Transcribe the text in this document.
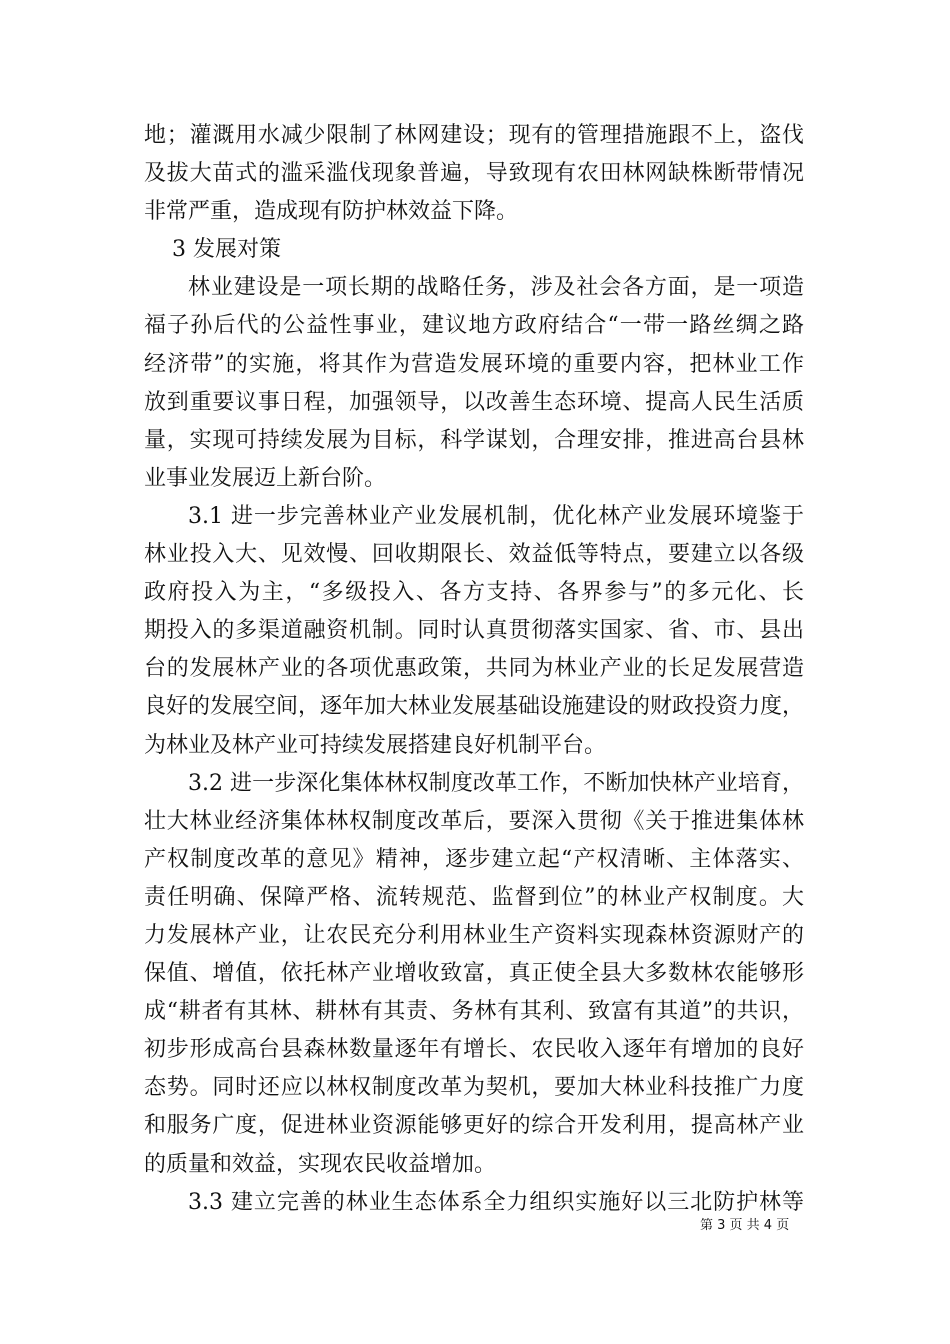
地；灌溉用水减少限制了林网建设；现有的管理措施跟不上，盗伐
及拔大苗式的滥采滥伐现象普遍，导致现有农田林网缺株断带情况
非常严重，造成现有防护林效益下降。
3 发展对策
林业建设是一项长期的战略任务，涉及社会各方面，是一项造
福子孙后代的公益性事业，建议地方政府结合“一带一路丝绸之路
经济带”的实施，将其作为营造发展环境的重要内容，把林业工作
放到重要议事日程，加强领导，以改善生态环境、提高人民生活质
量，实现可持续发展为目标，科学谋划，合理安排，推进高台县林
业事业发展迈上新台阶。
3.1 进一步完善林业产业发展机制，优化林产业发展环境鉴于
林业投入大、见效慢、回收期限长、效益低等特点，要建立以各级
政府投入为主，“多级投入、各方支持、各界参与”的多元化、长
期投入的多渠道融资机制。同时认真贯彻落实国家、省、市、县出
台的发展林产业的各项优惠政策，共同为林业产业的长足发展营造
良好的发展空间，逐年加大林业发展基础设施建设的财政投资力度，
为林业及林产业可持续发展搭建良好机制平台。
3.2 进一步深化集体林权制度改革工作，不断加快林产业培育，
壮大林业经济集体林权制度改革后，要深入贯彻《关于推进集体林
产权制度改革的意见》精神，逐步建立起“产权清晰、主体落实、
责任明确、保障严格、流转规范、监督到位”的林业产权制度。大
力发展林产业，让农民充分利用林业生产资料实现森林资源财产的
保值、增值，依托林产业增收致富，真正使全县大多数林农能够形
成“耕者有其林、耕林有其责、务林有其利、致富有其道”的共识，
初步形成高台县森林数量逐年有增长、农民收入逐年有增加的良好
态势。同时还应以林权制度改革为契机，要加大林业科技推广力度
和服务广度，促进林业资源能够更好的综合开发利用，提高林产业
的质量和效益，实现农民收益增加。
3.3 建立完善的林业生态体系全力组织实施好以三北防护林等
第 3 页 共 4 页
